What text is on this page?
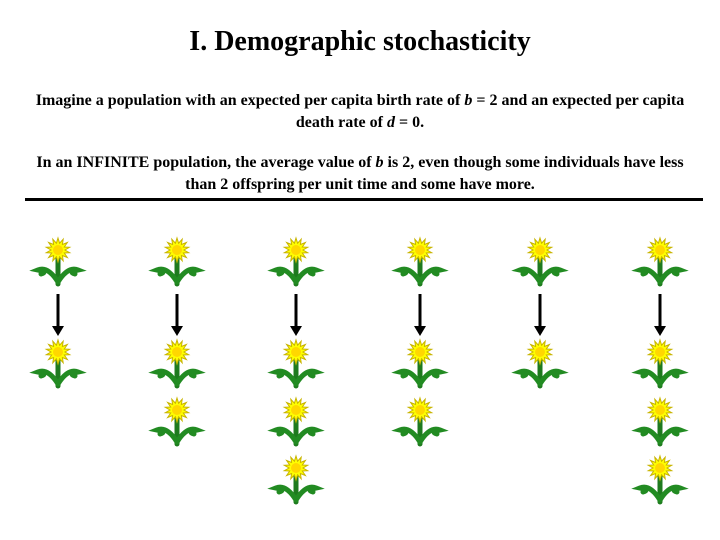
I. Demographic stochasticity
Imagine a population with an expected per capita birth rate of b = 2 and an expected per capita death rate of d = 0.
In an INFINITE population, the average value of b is 2, even though some individuals have less than 2 offspring per unit time and some have more.
